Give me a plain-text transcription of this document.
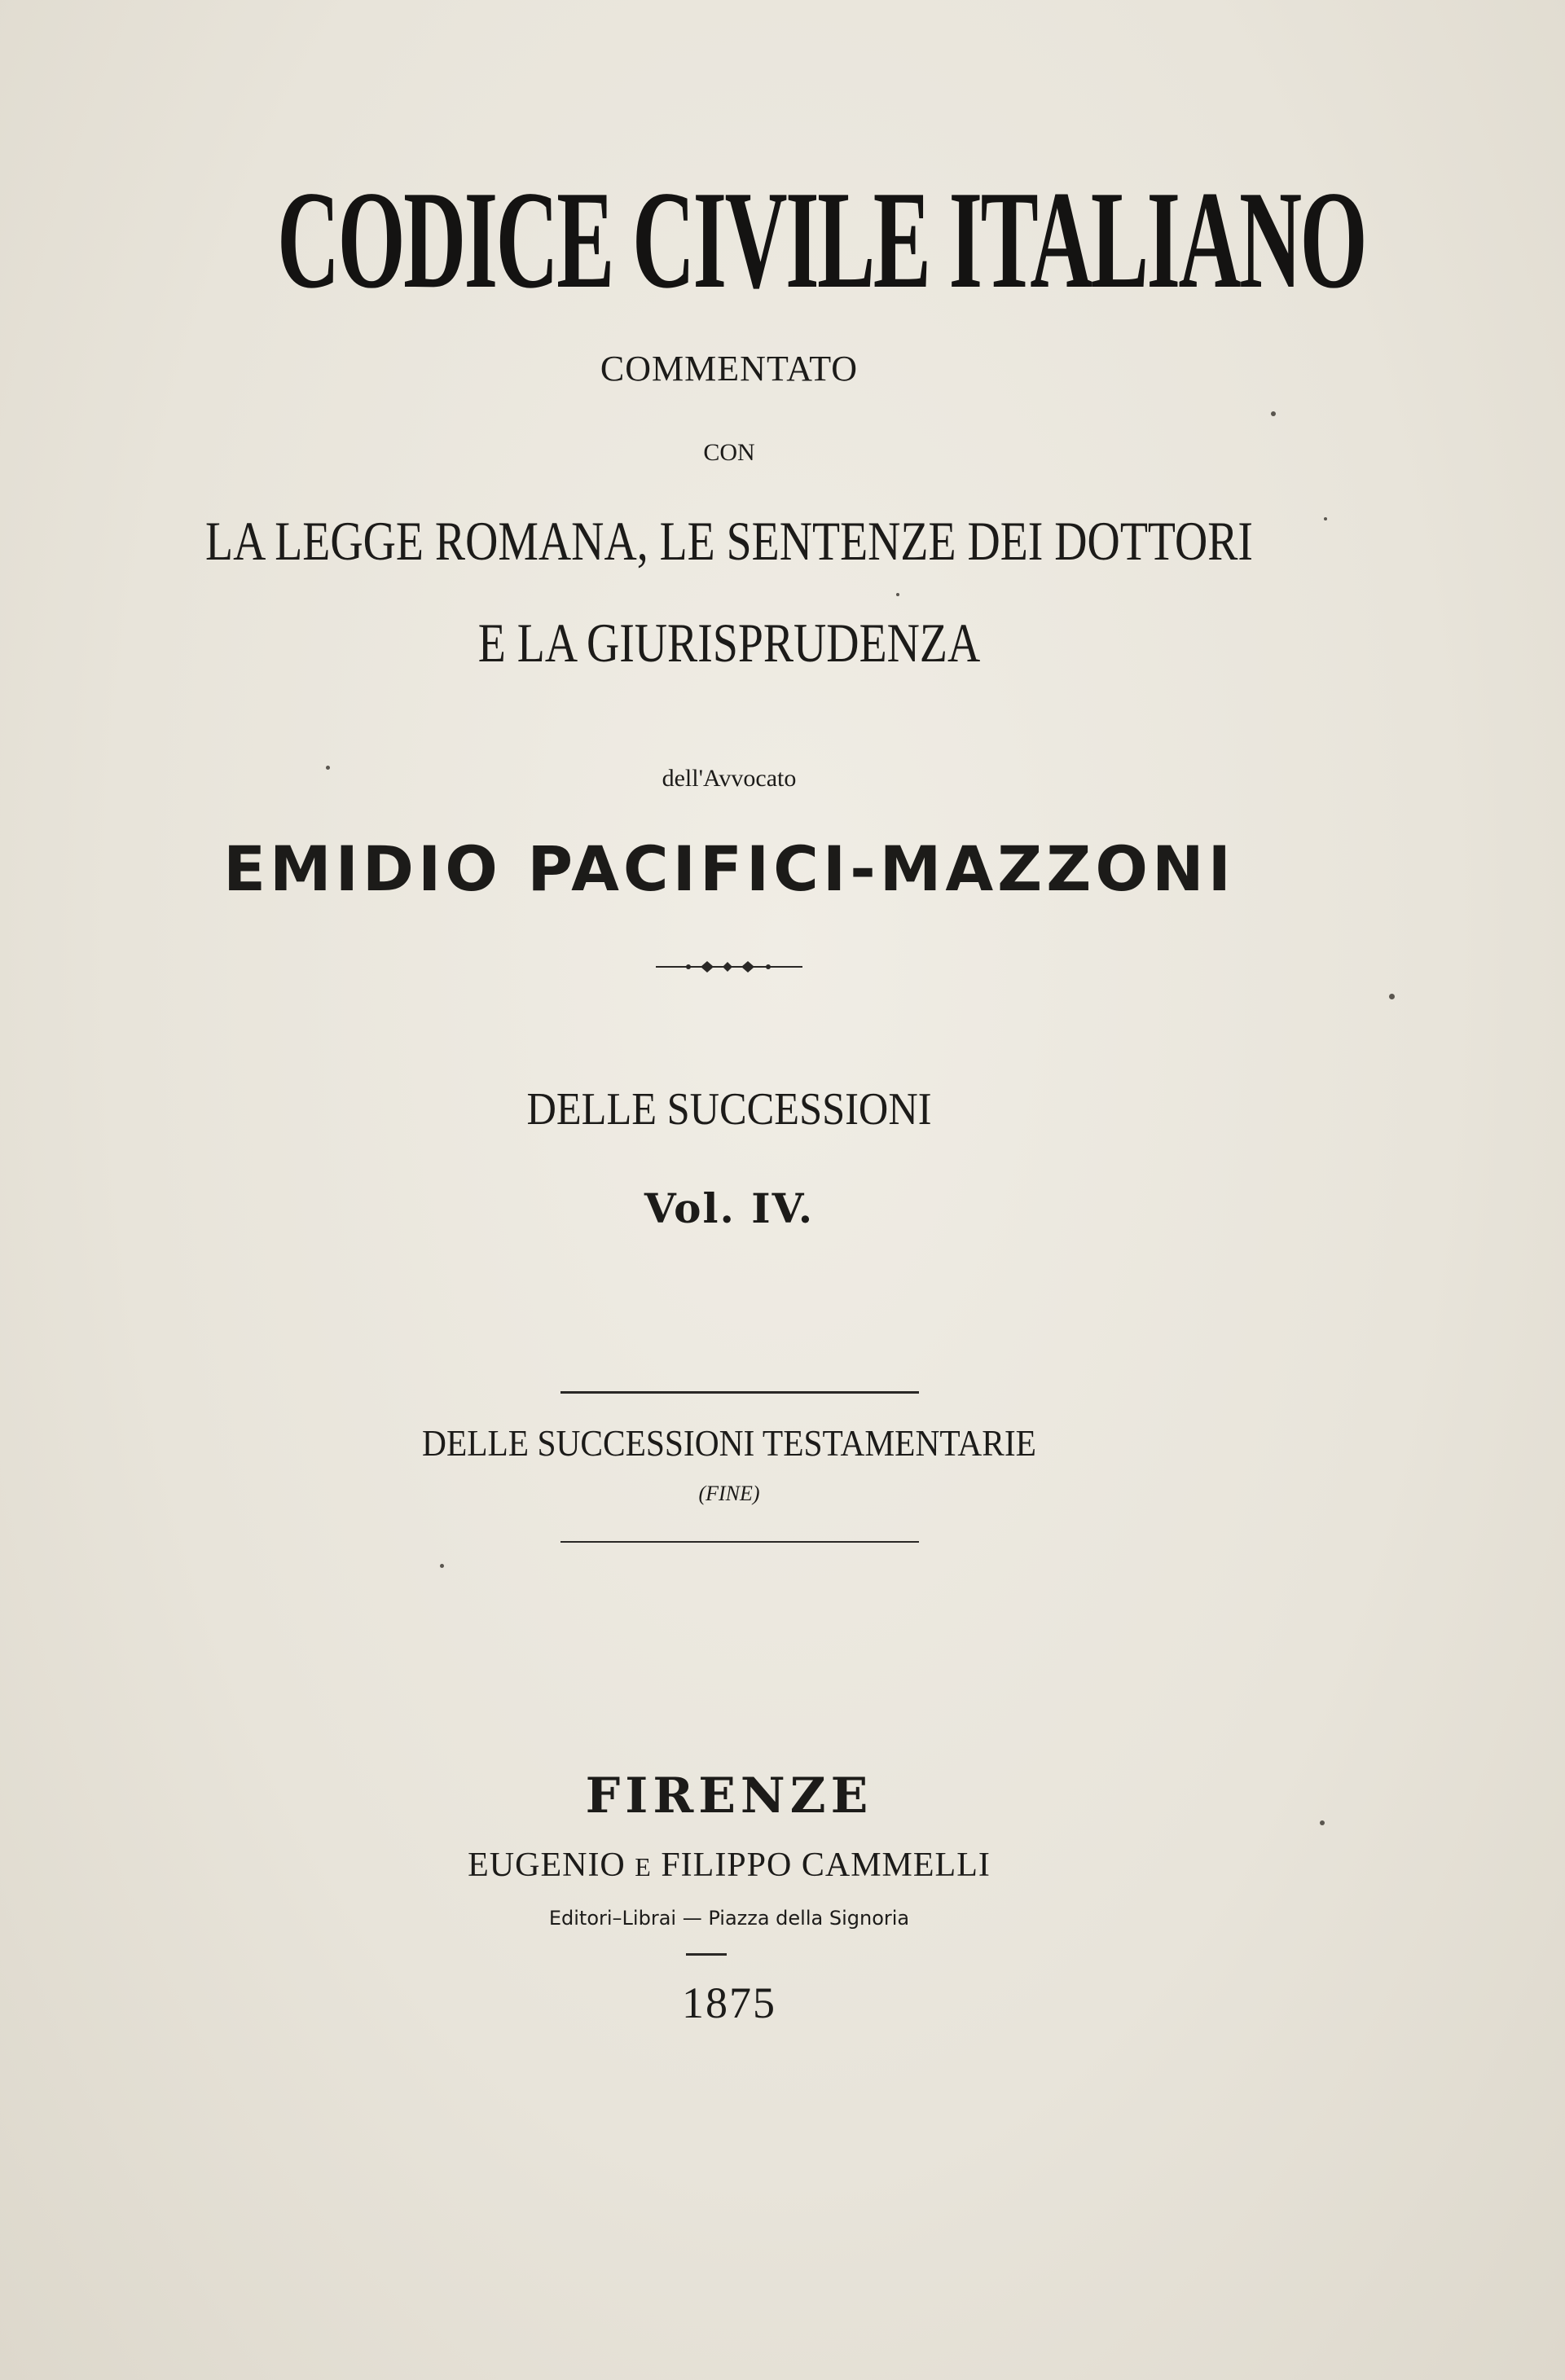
CODICE CIVILE ITALIANO
COMMENTATO
CON
LA LEGGE ROMANA, LE SENTENZE DEI DOTTORI
E LA GIURISPRUDENZA
dell'Avvocato
EMIDIO PACIFICI-MAZZONI
DELLE SUCCESSIONI
Vol. IV.
DELLE SUCCESSIONI TESTAMENTARIE
(FINE)
FIRENZE
EUGENIO E FILIPPO CAMMELLI
Editori–Librai — Piazza della Signoria
1875
